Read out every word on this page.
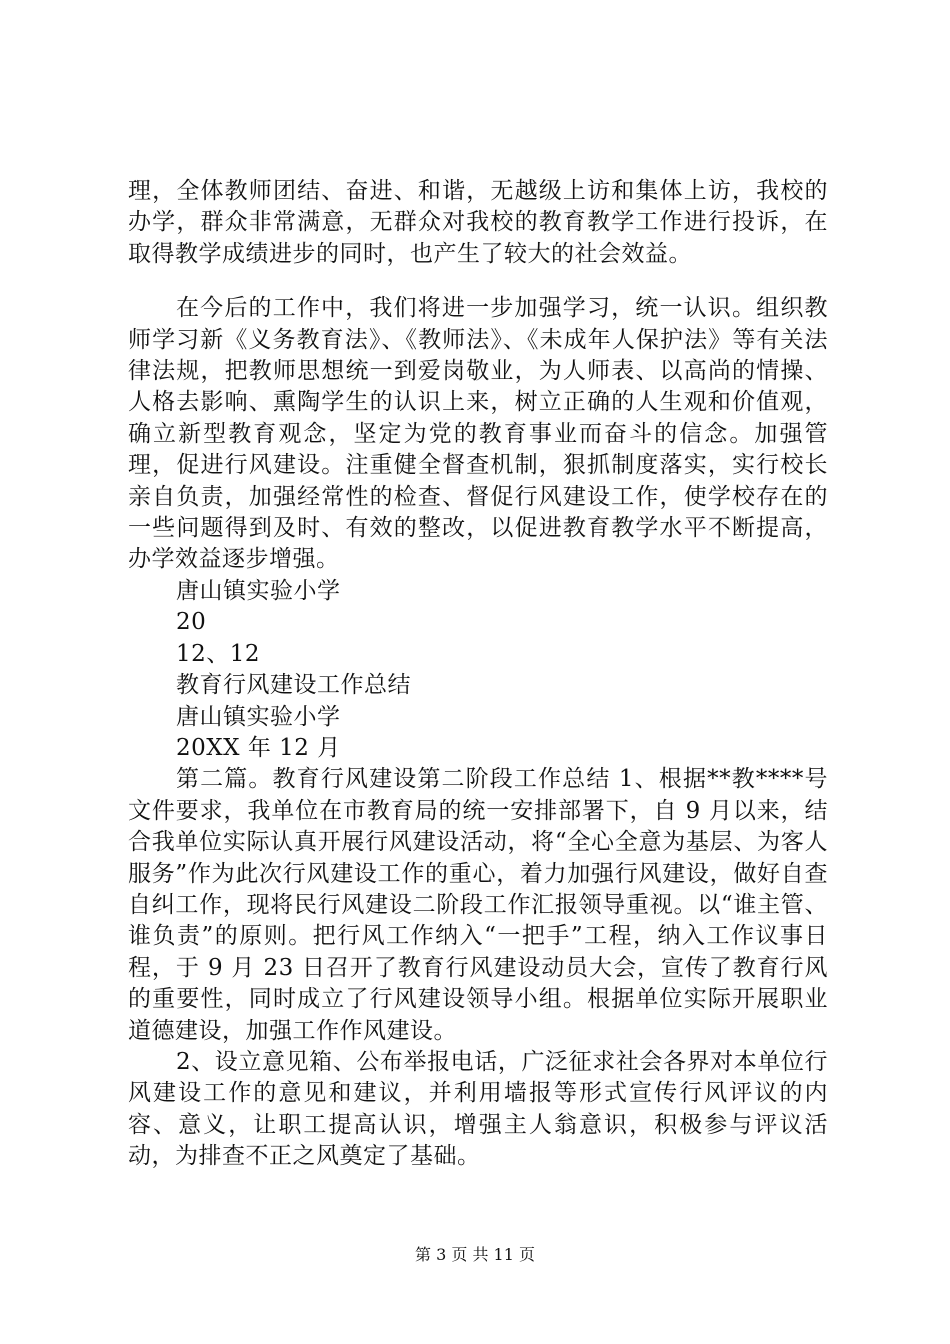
理，全体教师团结、奋进、和谐，无越级上访和集体上访，我校的办学，群众非常满意，无群众对我校的教育教学工作进行投诉，在取得教学成绩进步的同时，也产生了较大的社会效益。

在今后的工作中，我们将进一步加强学习，统一认识。组织教师学习新《义务教育法》、《教师法》、《未成年人保护法》等有关法律法规，把教师思想统一到爱岗敬业，为人师表、以高尚的情操、人格去影响、熏陶学生的认识上来，树立正确的人生观和价值观，确立新型教育观念，坚定为党的教育事业而奋斗的信念。加强管理，促进行风建设。注重健全督查机制，狠抓制度落实，实行校长亲自负责，加强经常性的检查、督促行风建设工作，使学校存在的一些问题得到及时、有效的整改，以促进教育教学水平不断提高，办学效益逐步增强。

唐山镇实验小学

20

12、12

教育行风建设工作总结

唐山镇实验小学

20XX 年 12 月

第二篇。教育行风建设第二阶段工作总结 1、根据**教****号文件要求，我单位在市教育局的统一安排部署下，自 9 月以来，结合我单位实际认真开展行风建设活动，将“全心全意为基层、为客人服务”作为此次行风建设工作的重心，着力加强行风建设，做好自查自纠工作，现将民行风建设二阶段工作汇报领导重视。以“谁主管、谁负责”的原则。把行风工作纳入“一把手”工程，纳入工作议事日程，于 9 月 23 日召开了教育行风建设动员大会，宣传了教育行风的重要性，同时成立了行风建设领导小组。根据单位实际开展职业道德建设，加强工作作风建设。

2、设立意见箱、公布举报电话，广泛征求社会各界对本单位行风建设工作的意见和建议，并利用墙报等形式宣传行风评议的内容、意义，让职工提高认识，增强主人翁意识，积极参与评议活动，为排查不正之风奠定了基础。

第 3 页 共 11 页
